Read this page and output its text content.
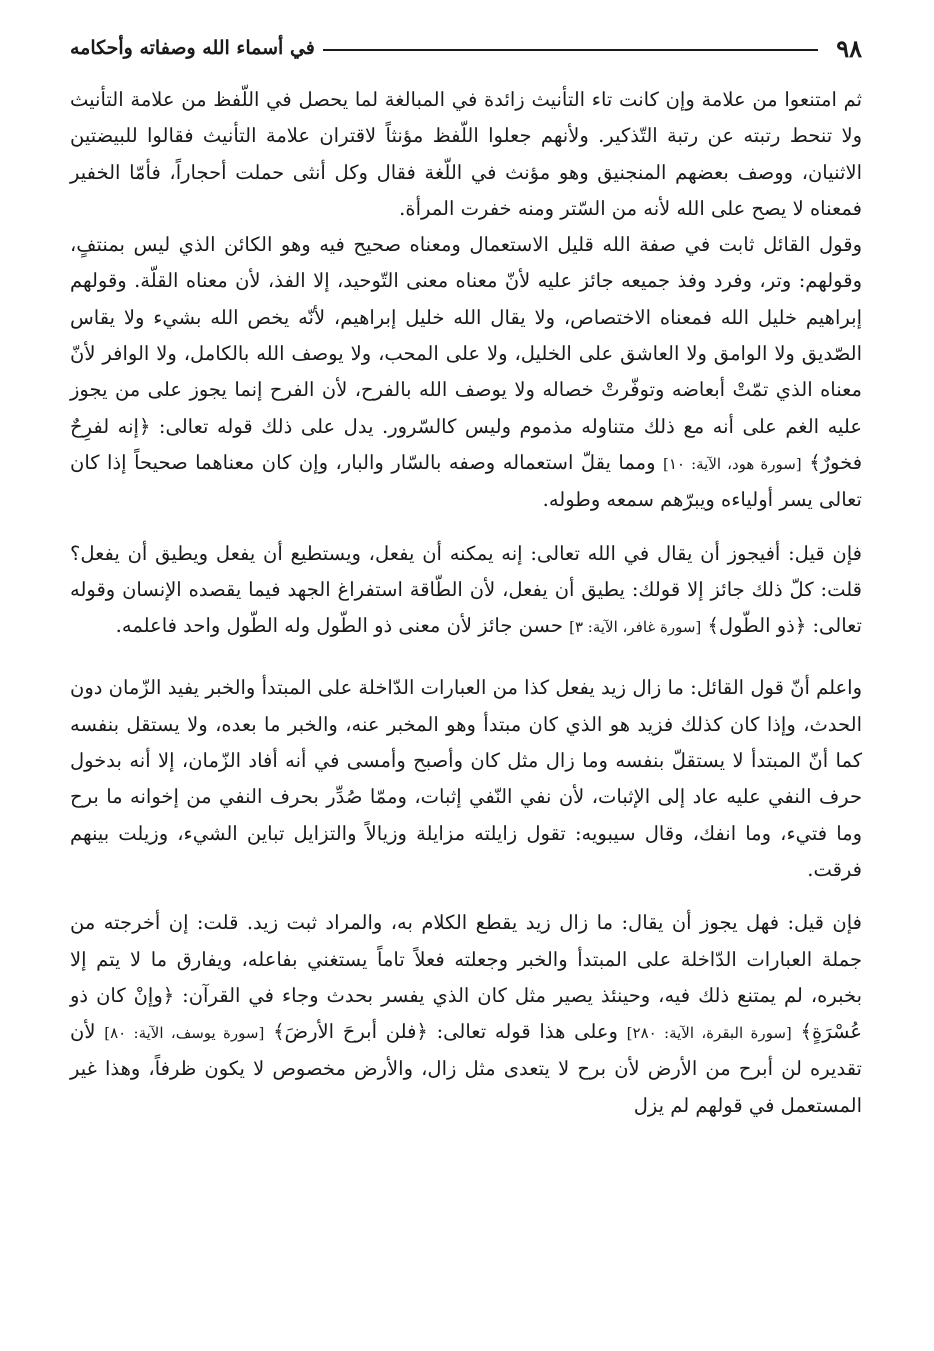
٩٨
في أسماء الله وصفاته وأحكامه

ثم امتنعوا من علامة وإن كانت تاء التأنيث زائدة في المبالغة لما يحصل في اللّفظ من علامة التأنيث ولا تنحط رتبته عن رتبة التّذكير. ولأنهم جعلوا اللّفظ مؤنثاً لاقتران علامة التأنيث فقالوا للبيضتين الاثنيان، ووصف بعضهم المنجنيق وهو مؤنث في اللّغة فقال وكل أنثى حملت أحجاراً، فأمّا الخفير فمعناه لا يصح على الله لأنه من السّتر ومنه خفرت المرأة.

وقول القائل ثابت في صفة الله قليل الاستعمال ومعناه صحيح فيه وهو الكائن الذي ليس بمنتفٍ، وقولهم: وتر، وفرد وفذ جميعه جائز عليه لأنّ معناه معنى التّوحيد، إلا الفذ، لأن معناه القلّة. وقولهم إبراهيم خليل الله فمعناه الاختصاص، ولا يقال الله خليل إبراهيم، لأنّه يخص الله بشيء ولا يقاس الصّديق ولا الوامق ولا العاشق على الخليل، ولا على المحب، ولا يوصف الله بالكامل، ولا الوافر لأنّ معناه الذي تمّتْ أبعاضه وتوفّرتْ خصاله ولا يوصف الله بالفرح، لأن الفرح إنما يجوز على من يجوز عليه الغم على أنه مع ذلك متناوله مذموم وليس كالسّرور. يدل على ذلك قوله تعالى: ﴿إنه لفرِحٌ فخورٌ﴾ [سورة هود، الآية: ١٠] ومما يقلّ استعماله وصفه بالسّار والبار، وإن كان معناهما صحيحاً إذا كان تعالى يسر أولياءه ويبرّهم سمعه وطوله.

فإن قيل: أفيجوز أن يقال في الله تعالى: إنه يمكنه أن يفعل، ويستطيع أن يفعل ويطيق أن يفعل؟ قلت: كلّ ذلك جائز إلا قولك: يطيق أن يفعل، لأن الطّاقة استفراغ الجهد فيما يقصده الإنسان وقوله تعالى: ﴿ذو الطّول﴾ [سورة غافر، الآية: ٣] حسن جائز لأن معنى ذو الطّول وله الطّول واحد فاعلمه.

واعلم أنّ قول القائل: ما زال زيد يفعل كذا من العبارات الدّاخلة على المبتدأ والخبر يفيد الزّمان دون الحدث، وإذا كان كذلك فزيد هو الذي كان مبتدأ وهو المخبر عنه، والخبر ما بعده، ولا يستقل بنفسه كما أنّ المبتدأ لا يستقلّ بنفسه وما زال مثل كان وأصبح وأمسى في أنه أفاد الزّمان، إلا أنه بدخول حرف النفي عليه عاد إلى الإثبات، لأن نفي النّفي إثبات، وممّا صُدِّر بحرف النفي من إخوانه ما برح وما فتيء، وما انفك، وقال سيبويه: تقول زايلته مزايلة وزيالاً والتزايل تباين الشيء، وزيلت بينهم فرقت.

فإن قيل: فهل يجوز أن يقال: ما زال زيد يقطع الكلام به، والمراد ثبت زيد. قلت: إن أخرجته من جملة العبارات الدّاخلة على المبتدأ والخبر وجعلته فعلاً تاماً يستغني بفاعله، ويفارق ما لا يتم إلا بخبره، لم يمتنع ذلك فيه، وحينئذ يصير مثل كان الذي يفسر بحدث وجاء في القرآن: ﴿وإنْ كان ذو عُسْرَةٍ﴾ [سورة البقرة، الآية: ٢٨٠] وعلى هذا قوله تعالى: ﴿فلن أبرحَ الأرضَ﴾ [سورة يوسف، الآية: ٨٠] لأن تقديره لن أبرح من الأرض لأن برح لا يتعدى مثل زال، والأرض مخصوص لا يكون ظرفاً، وهذا غير المستعمل في قولهم لم يزل
